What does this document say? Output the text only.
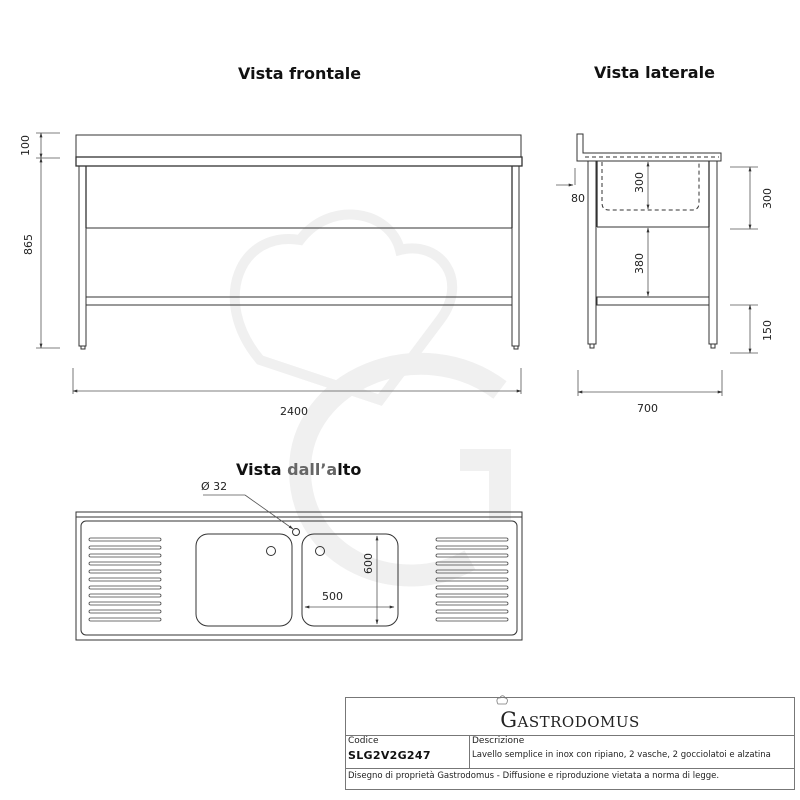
Vista frontale	Vista laterale
Vista dall’alto
100
865
2400
80
300
380
300
150
700
Ø 32
600
500
GASTRODOMUS
Codice
SLG2V2G247
Descrizione
Lavello semplice in inox con ripiano, 2 vasche, 2 gocciolatoi e alzatina
Disegno di proprietà Gastrodomus - Diffusione e riproduzione vietata a norma di legge.
